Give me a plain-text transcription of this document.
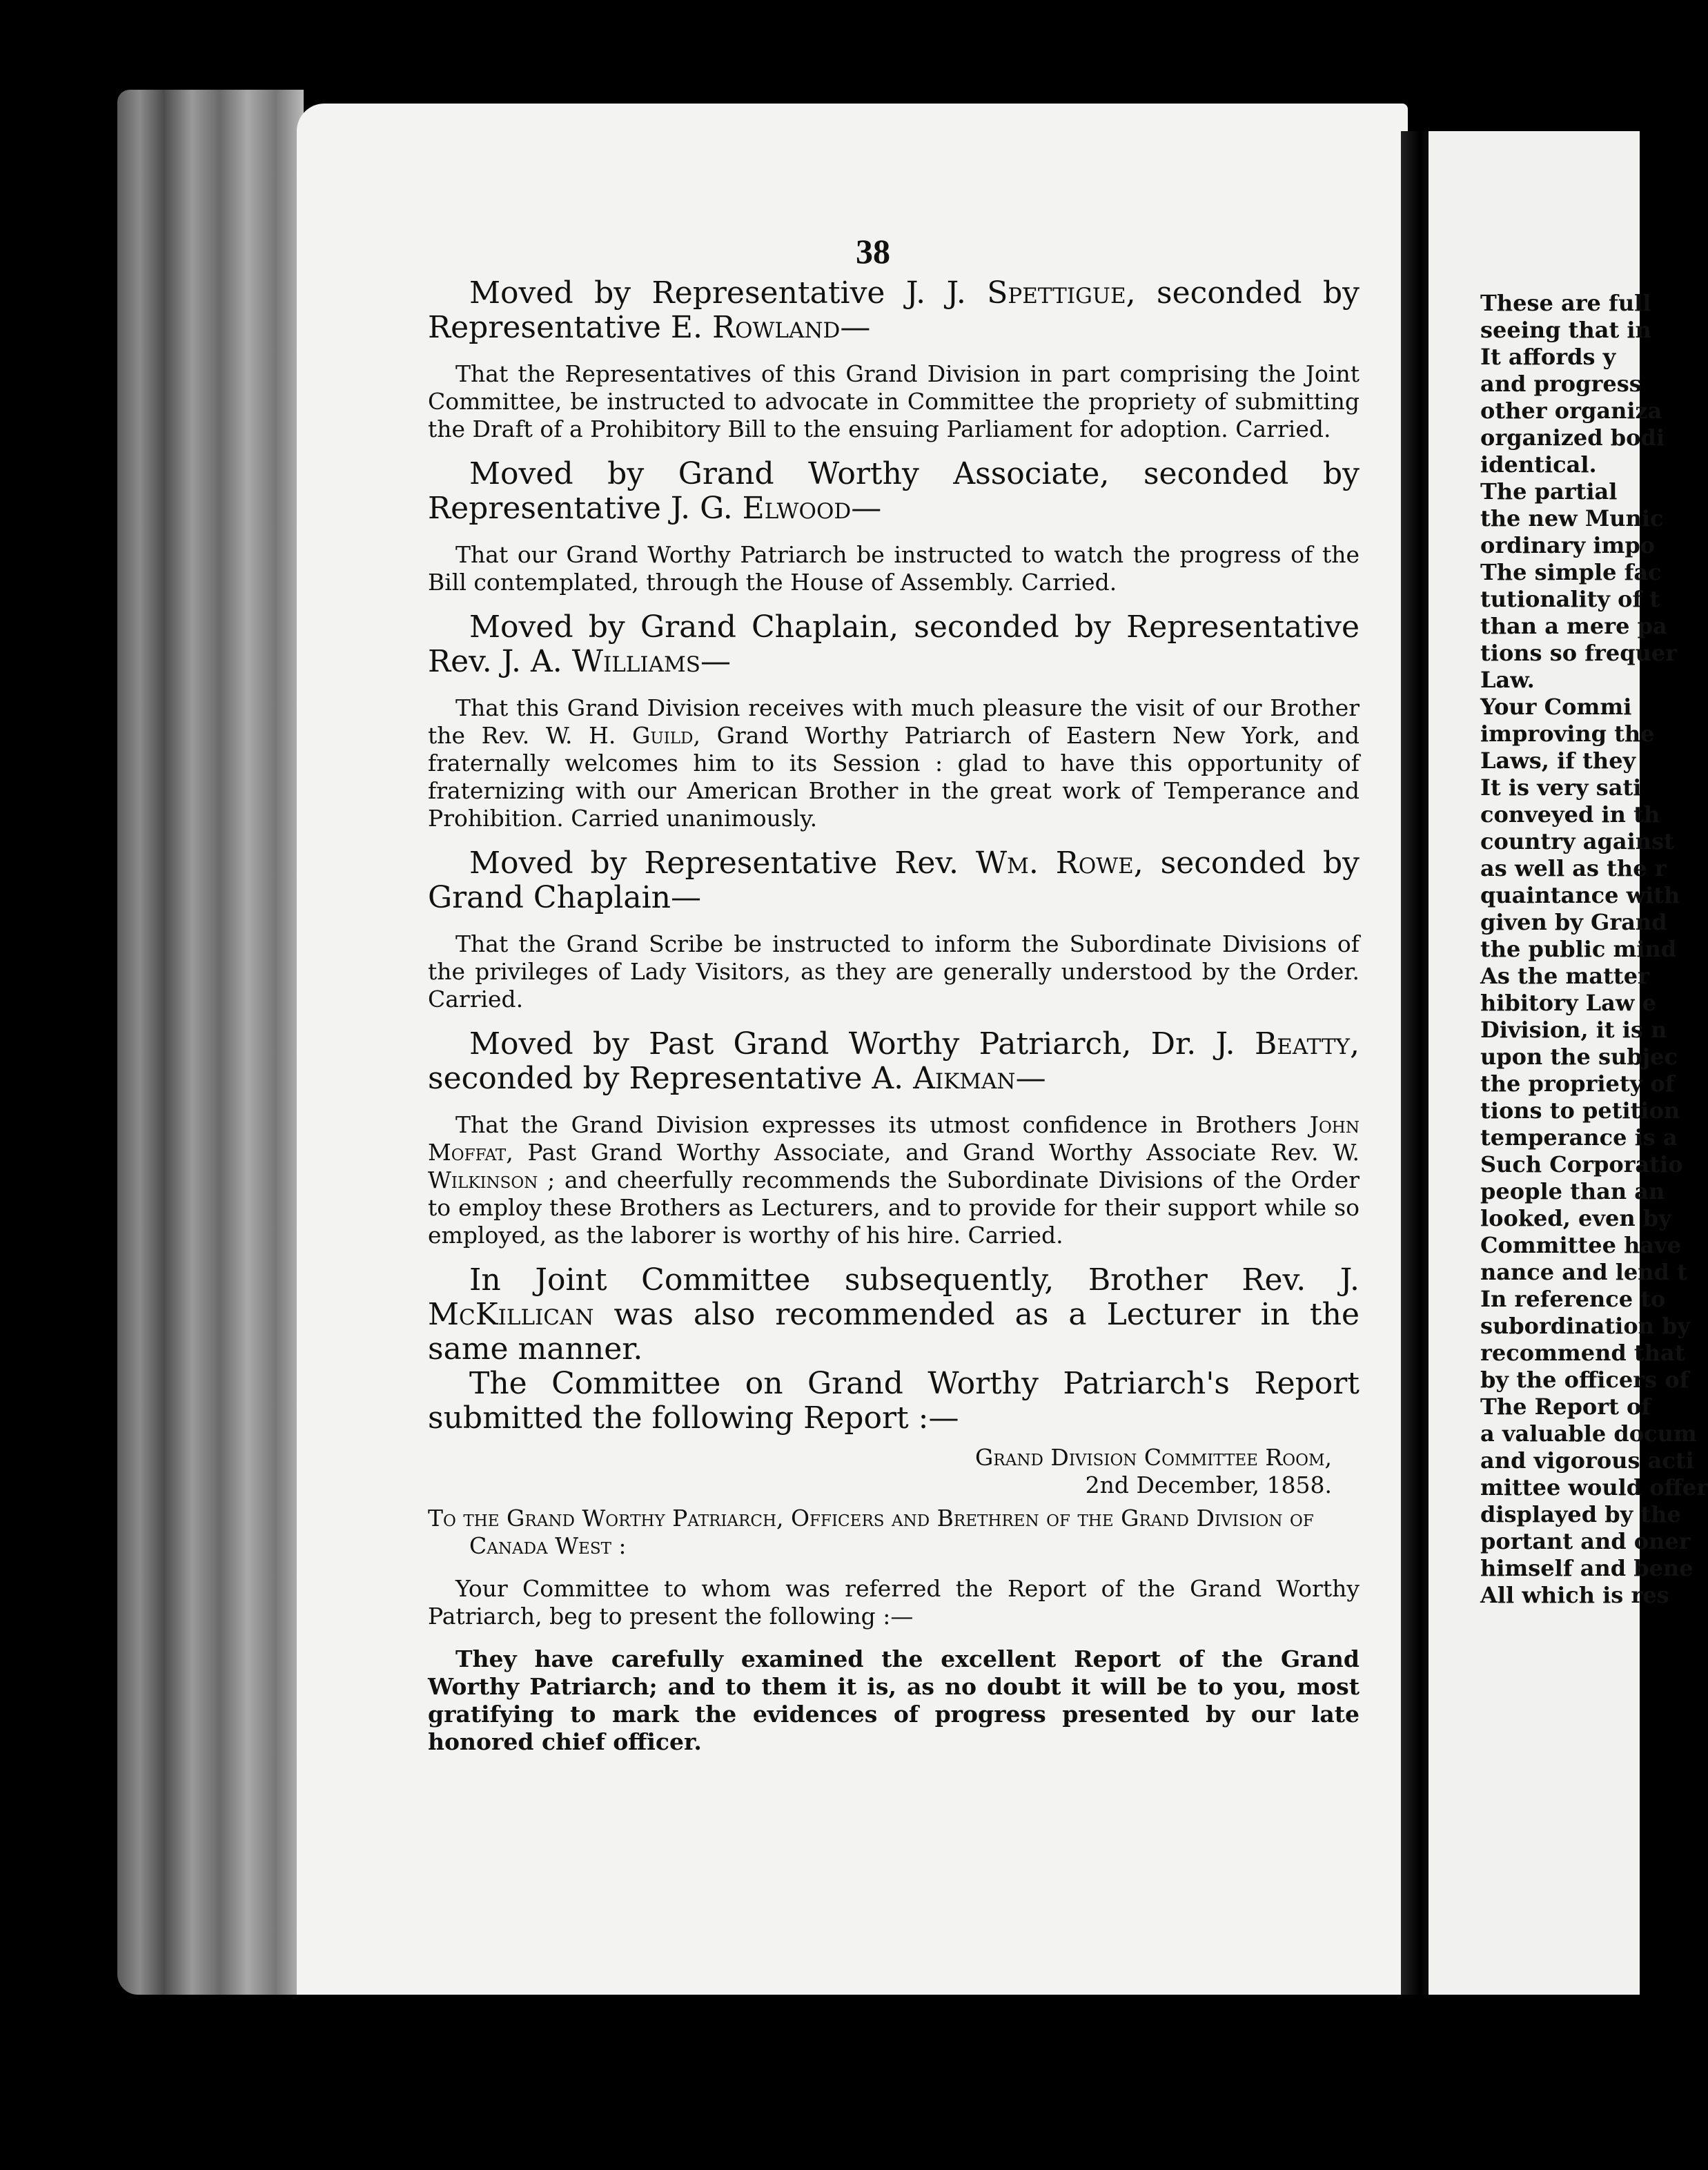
38

Moved by Representative J. J. Spettigue, seconded by Representative E. Rowland—

That the Representatives of this Grand Division in part comprising the Joint Committee, be instructed to advocate in Committee the propriety of submitting the Draft of a Prohibitory Bill to the ensuing Parliament for adoption. Carried.

Moved by Grand Worthy Associate, seconded by Representative J. G. Elwood—

That our Grand Worthy Patriarch be instructed to watch the progress of the Bill contemplated, through the House of Assembly. Carried.

Moved by Grand Chaplain, seconded by Representative Rev. J. A. Williams—

That this Grand Division receives with much pleasure the visit of our Brother the Rev. W. H. Guild, Grand Worthy Patriarch of Eastern New York, and fraternally welcomes him to its Session : glad to have this opportunity of fraternizing with our American Brother in the great work of Temperance and Prohibition. Carried unanimously.

Moved by Representative Rev. Wm. Rowe, seconded by Grand Chaplain—

That the Grand Scribe be instructed to inform the Subordinate Divisions of the privileges of Lady Visitors, as they are generally understood by the Order. Carried.

Moved by Past Grand Worthy Patriarch, Dr. J. Beatty, seconded by Representative A. Aikman—

That the Grand Division expresses its utmost confidence in Brothers John Moffat, Past Grand Worthy Associate, and Grand Worthy Associate Rev. W. Wilkinson ; and cheerfully recommends the Subordinate Divisions of the Order to employ these Brothers as Lecturers, and to provide for their support while so employed, as the laborer is worthy of his hire. Carried.

In Joint Committee subsequently, Brother Rev. J. McKillican was also recommended as a Lecturer in the same manner.

The Committee on Grand Worthy Patriarch's Report submitted the following Report :—

Grand Division Committee Room,
2nd December, 1858.

To the Grand Worthy Patriarch, Officers and Brethren of the Grand Division of Canada West :

Your Committee to whom was referred the Report of the Grand Worthy Patriarch, beg to present the following :—

They have carefully examined the excellent Report of the Grand Worthy Patriarch; and to them it is, as no doubt it will be to you, most gratifying to mark the evidences of progress presented by our late honored chief officer.

These are full
seeing that in
It affords y
and progress
other organiza
organized bodi
identical.
The partial
the new Munic
ordinary impo
The simple fac
tutionality of t
than a mere pa
tions so frequer
Law.
Your Commi
improving the
Laws, if they
It is very sati
conveyed in th
country against
as well as the r
quaintance with
given by Grand
the public mind
As the matter
hibitory Law e
Division, it is n
upon the subjec
the propriety of
tions to petition
temperance is a
Such Corporatio
people than an
looked, even by
Committee have
nance and lend t
In reference to
subordination by
recommend that
by the officers of
The Report of
a valuable docum
and vigorous acti
mittee would offer
displayed by the
portant and oner
himself and bene
All which is res
